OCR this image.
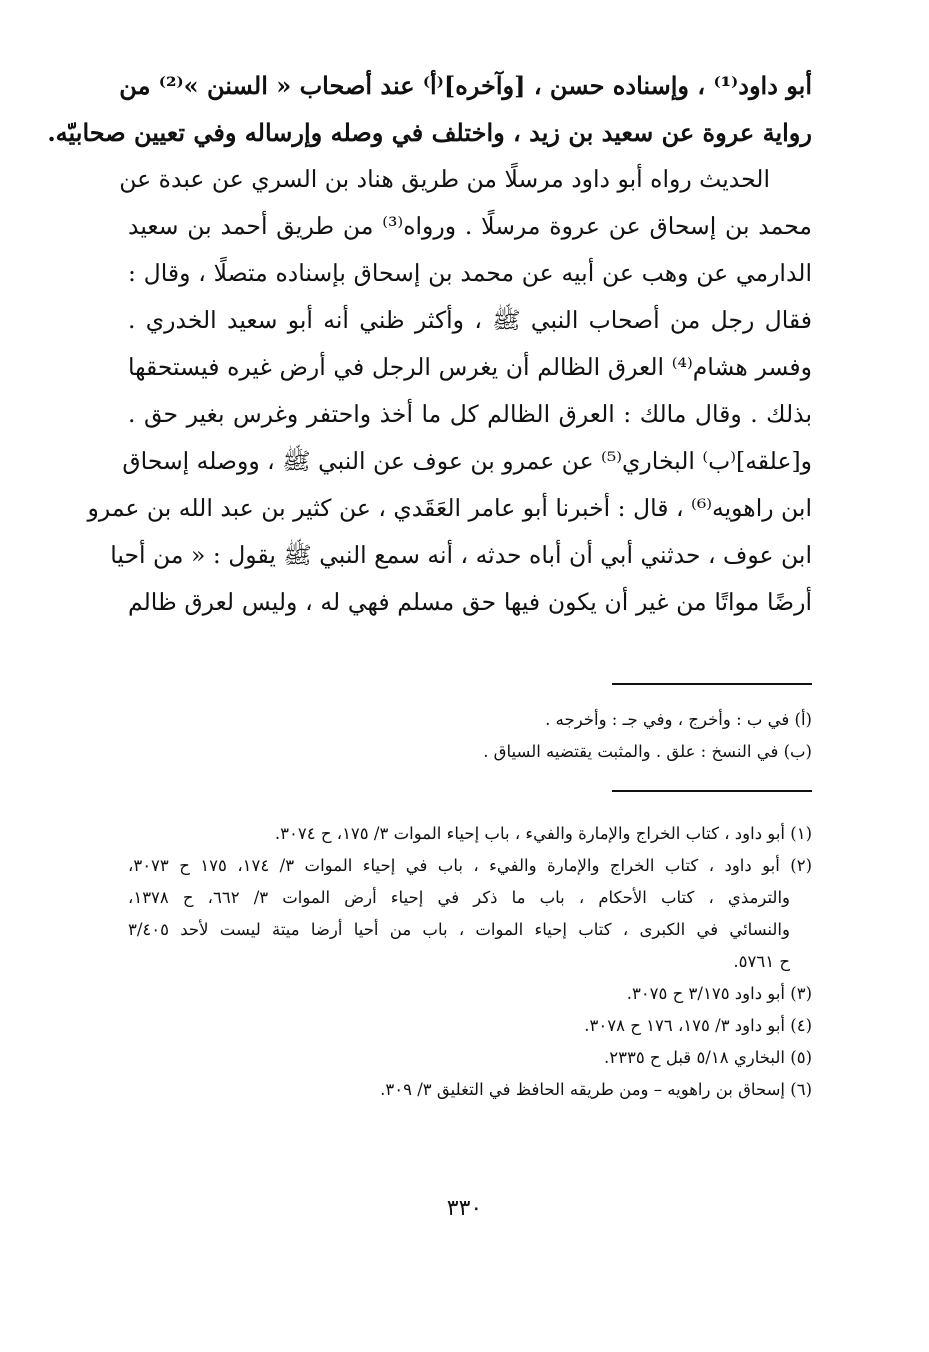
أبو داود⁽¹⁾ ، وإسناده حسن ، [وآخره]⁽أ⁾ عند أصحاب « السنن »⁽²⁾ من
رواية عروة عن سعيد بن زيد ، واختلف في وصله وإرساله وفي تعيين صحابيّه.
الحديث رواه أبو داود مرسلًا من طريق هناد بن السري عن عبدة عن
محمد بن إسحاق عن عروة مرسلًا . ورواه⁽³⁾ من طريق أحمد بن سعيد
الدارمي عن وهب عن أبيه عن محمد بن إسحاق بإسناده متصلًا ، وقال :
فقال رجل من أصحاب النبي ﷺ ، وأكثر ظني أنه أبو سعيد الخدري .
وفسر هشام⁽⁴⁾ العرق الظالم أن يغرس الرجل في أرض غيره فيستحقها
بذلك . وقال مالك : العرق الظالم كل ما أخذ واحتفر وغرس بغير حق .
و[علقه]⁽ب⁾ البخاري⁽⁵⁾ عن عمرو بن عوف عن النبي ﷺ ، ووصله إسحاق
ابن راهويه⁽⁶⁾ ، قال : أخبرنا أبو عامر العَقَدي ، عن كثير بن عبد الله بن عمرو
ابن عوف ، حدثني أبي أن أباه حدثه ، أنه سمع النبي ﷺ يقول : « من أحيا
أرضًا مواتًا من غير أن يكون فيها حق مسلم فهي له ، وليس لعرق ظالم
(أ) في ب : وأخرج ، وفي جـ : وأخرجه .
(ب) في النسخ : علق . والمثبت يقتضيه السياق .
(١) أبو داود ، كتاب الخراج والإمارة والفيء ، باب إحياء الموات ٣/ ١٧٥، ح ٣٠٧٤.
(٢) أبو داود ، كتاب الخراج والإمارة والفيء ، باب في إحياء الموات ٣/ ١٧٤، ١٧٥ ح ٣٠٧٣،
والترمذي ، كتاب الأحكام ، باب ما ذكر في إحياء أرض الموات ٣/ ٦٦٢، ح ١٣٧٨،
والنسائي في الكبرى ، كتاب إحياء الموات ، باب من أحيا أرضا ميتة ليست لأحد ٣/٤٠٥
ح ٥٧٦١.
(٣) أبو داود ٣/١٧٥ ح ٣٠٧٥.
(٤) أبو داود ٣/ ١٧٥، ١٧٦ ح ٣٠٧٨.
(٥) البخاري ٥/١٨ قبل ح ٢٣٣٥.
(٦) إسحاق بن راهويه – ومن طريقه الحافظ في التغليق ٣/ ٣٠٩.
٣٣٠
